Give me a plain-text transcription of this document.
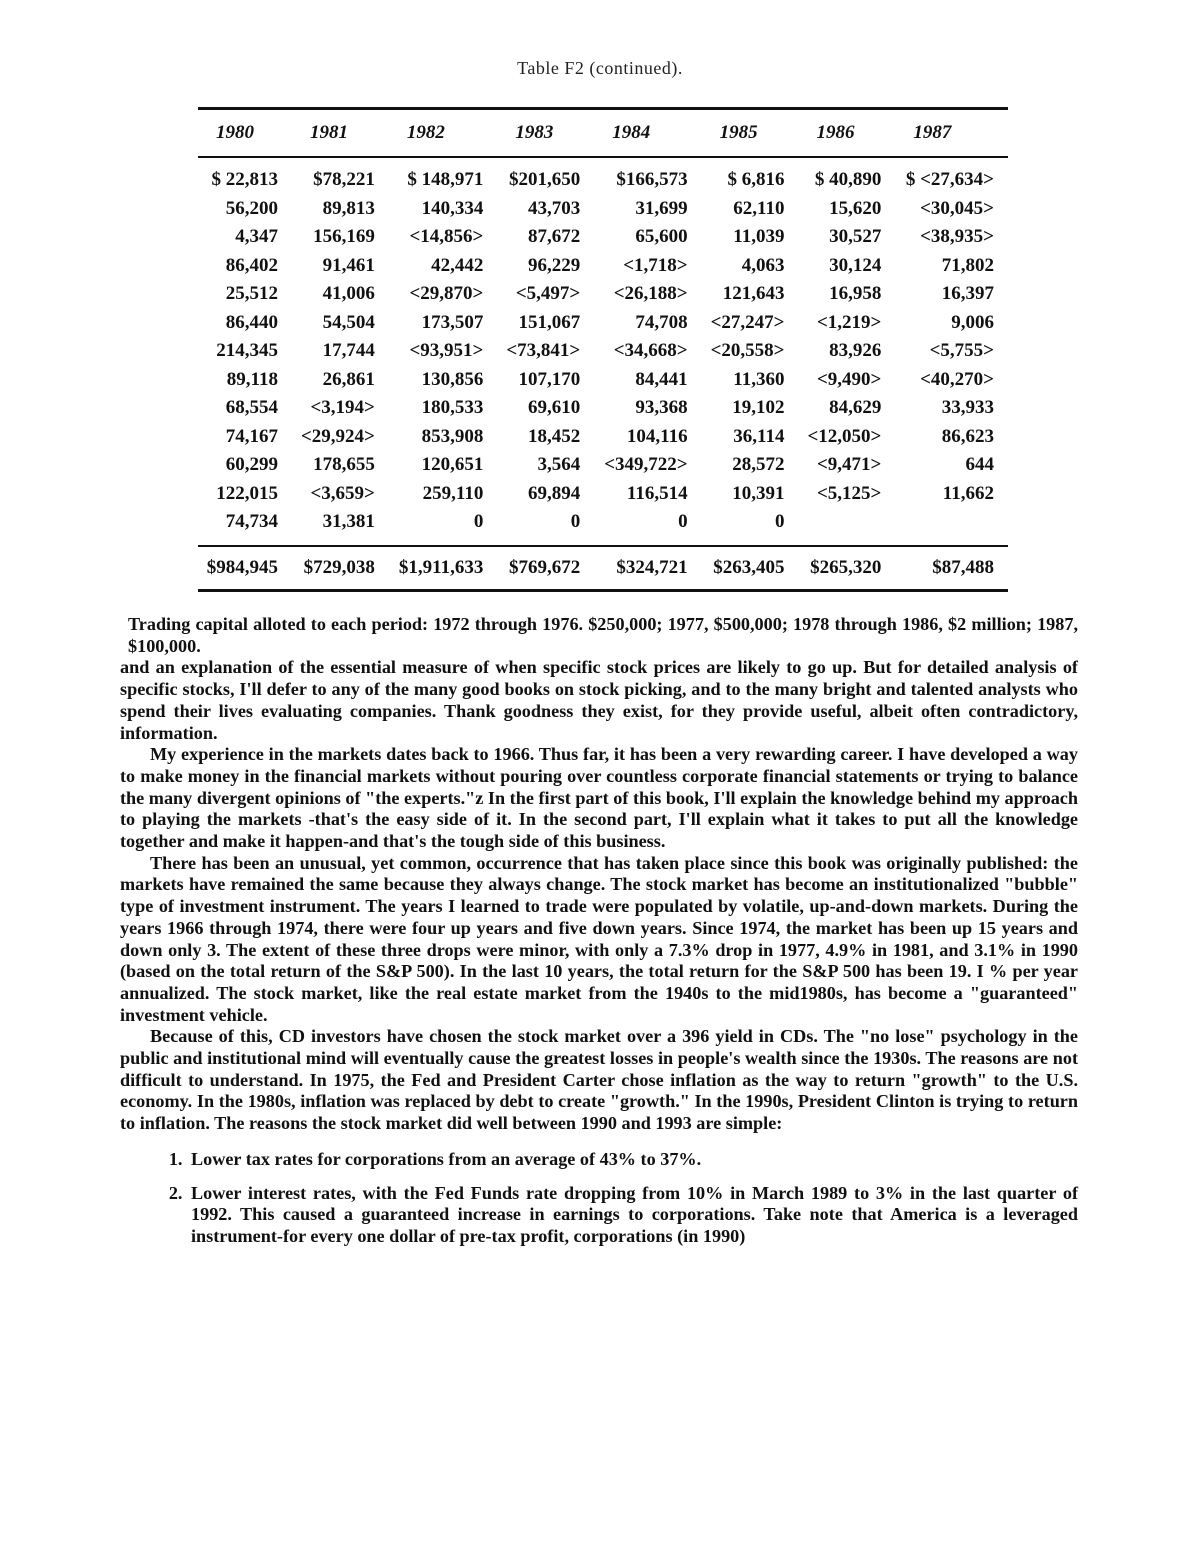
Table F2 (continued).
1980	1981	1982	1983	1984	1985	1986	1987
$ 22,813	$78,221	$ 148,971	$201,650	$166,573	$ 6,816	$ 40,890	$ <27,634>
56,200	89,813	140,334	43,703	31,699	62,110	15,620	<30,045>
4,347	156,169	<14,856>	87,672	65,600	11,039	30,527	<38,935>
86,402	91,461	42,442	96,229	<1,718>	4,063	30,124	71,802
25,512	41,006	<29,870>	<5,497>	<26,188>	121,643	16,958	16,397
86,440	54,504	173,507	151,067	74,708	<27,247>	<1,219>	9,006
214,345	17,744	<93,951>	<73,841>	<34,668>	<20,558>	83,926	<5,755>
89,118	26,861	130,856	107,170	84,441	11,360	<9,490>	<40,270>
68,554	<3,194>	180,533	69,610	93,368	19,102	84,629	33,933
74,167	<29,924>	853,908	18,452	104,116	36,114	<12,050>	86,623
60,299	178,655	120,651	3,564	<349,722>	28,572	<9,471>	644
122,015	<3,659>	259,110	69,894	116,514	10,391	<5,125>	11,662
74,734	31,381	0	0	0	0		
$984,945	$729,038	$1,911,633	$769,672	$324,721	$263,405	$265,320	$87,488

Trading capital alloted to each period: 1972 through 1976. $250,000; 1977, $500,000; 1978 through 1986, $2 million; 1987, $100,000.

and an explanation of the essential measure of when specific stock prices are likely to go up. But for detailed analysis of specific stocks, I'll defer to any of the many good books on stock picking, and to the many bright and talented analysts who spend their lives evaluating companies. Thank goodness they exist, for they provide useful, albeit often contradictory, information.

My experience in the markets dates back to 1966. Thus far, it has been a very rewarding career. I have developed a way to make money in the financial markets without pouring over countless corporate financial statements or trying to balance the many divergent opinions of "the experts."z In the first part of this book, I'll explain the knowledge behind my approach to playing the markets -that's the easy side of it. In the second part, I'll explain what it takes to put all the knowledge together and make it happen-and that's the tough side of this business.

There has been an unusual, yet common, occurrence that has taken place since this book was originally published: the markets have remained the same because they always change. The stock market has become an institutionalized "bubble" type of investment instrument. The years I learned to trade were populated by volatile, up-and-down markets. During the years 1966 through 1974, there were four up years and five down years. Since 1974, the market has been up 15 years and down only 3. The extent of these three drops were minor, with only a 7.3% drop in 1977, 4.9% in 1981, and 3.1% in 1990 (based on the total return of the S&P 500). In the last 10 years, the total return for the S&P 500 has been 19. I % per year annualized. The stock market, like the real estate market from the 1940s to the mid1980s, has become a "guaranteed" investment vehicle.

Because of this, CD investors have chosen the stock market over a 396 yield in CDs. The "no lose" psychology in the public and institutional mind will eventually cause the greatest losses in people's wealth since the 1930s. The reasons are not difficult to understand. In 1975, the Fed and President Carter chose inflation as the way to return "growth" to the U.S. economy. In the 1980s, inflation was replaced by debt to create "growth." In the 1990s, President Clinton is trying to return to inflation. The reasons the stock market did well between 1990 and 1993 are simple:

1. Lower tax rates for corporations from an average of 43% to 37%.
2. Lower interest rates, with the Fed Funds rate dropping from 10% in March 1989 to 3% in the last quarter of 1992. This caused a guaranteed increase in earnings to corporations. Take note that America is a leveraged instrument-for every one dollar of pre-tax profit, corporations (in 1990)
